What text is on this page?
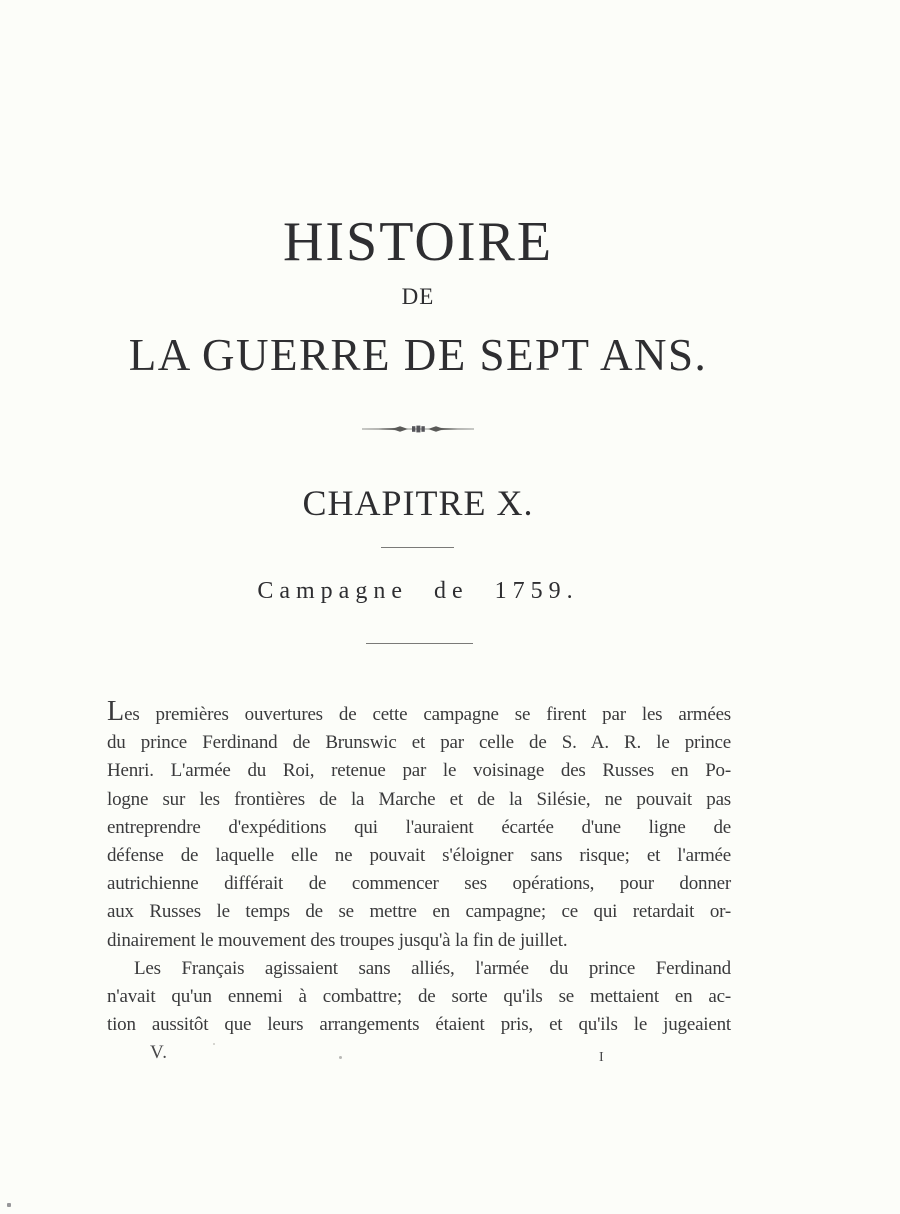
HISTOIRE
DE
LA GUERRE DE SEPT ANS.
CHAPITRE X.
Campagne de 1759.
Les premières ouvertures de cette campagne se firent par les armées
du prince Ferdinand de Brunswic et par celle de S. A. R. le prince
Henri. L'armée du Roi, retenue par le voisinage des Russes en Po-
logne sur les frontières de la Marche et de la Silésie, ne pouvait pas
entreprendre d'expéditions qui l'auraient écartée d'une ligne de
défense de laquelle elle ne pouvait s'éloigner sans risque; et l'armée
autrichienne différait de commencer ses opérations, pour donner
aux Russes le temps de se mettre en campagne; ce qui retardait or-
dinairement le mouvement des troupes jusqu'à la fin de juillet.
Les Français agissaient sans alliés, l'armée du prince Ferdinand
n'avait qu'un ennemi à combattre; de sorte qu'ils se mettaient en ac-
tion aussitôt que leurs arrangements étaient pris, et qu'ils le jugeaient
V.	I
